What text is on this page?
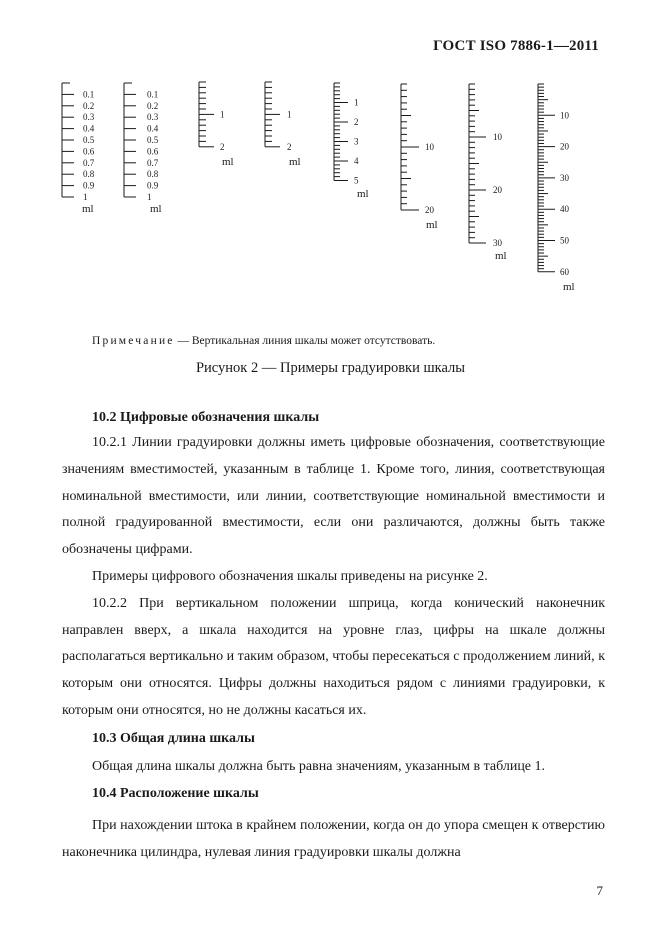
ГОСТ ISO 7886-1—2011
0.1
0.2
0.3
0.4
0.5
0.6
0.7
0.8
0.9
1
ml
0.1
0.2
0.3
0.4
0.5
0.6
0.7
0.8
0.9
1
ml
1
2
ml
1
2
ml
1
2
3
4
5
ml
10
20
ml
10
20
30
ml
10
20
30
40
50
60
ml
Примечание — Вертикальная линия шкалы может отсутствовать.
Рисунок 2 — Примеры градуировки шкалы
10.2 Цифровые обозначения шкалы

10.2.1 Линии градуировки должны иметь цифровые обозначения, соответствующие значениям вместимостей, указанным в таблице 1. Кроме того, линия, соответствующая номинальной вместимости, или линии, соответствующие номинальной вместимости и полной градуированной вместимости, если они различаются, должны быть также обозначены цифрами.

Примеры цифрового обозначения шкалы приведены на рисунке 2.

10.2.2 При вертикальном положении шприца, когда конический наконечник направлен вверх, а шкала находится на уровне глаз, цифры на шкале должны располагаться вертикально и таким образом, чтобы пересекаться с продолжением линий, к которым они относятся. Цифры должны находиться рядом с линиями градуировки, к которым они относятся, но не должны касаться их.

10.3 Общая длина шкалы

Общая длина шкалы должна быть равна значениям, указанным в таблице 1.

10.4 Расположение шкалы

При нахождении штока в крайнем положении, когда он до упора смещен к отверстию наконечника цилиндра, нулевая линия градуировки шкалы должна

7
